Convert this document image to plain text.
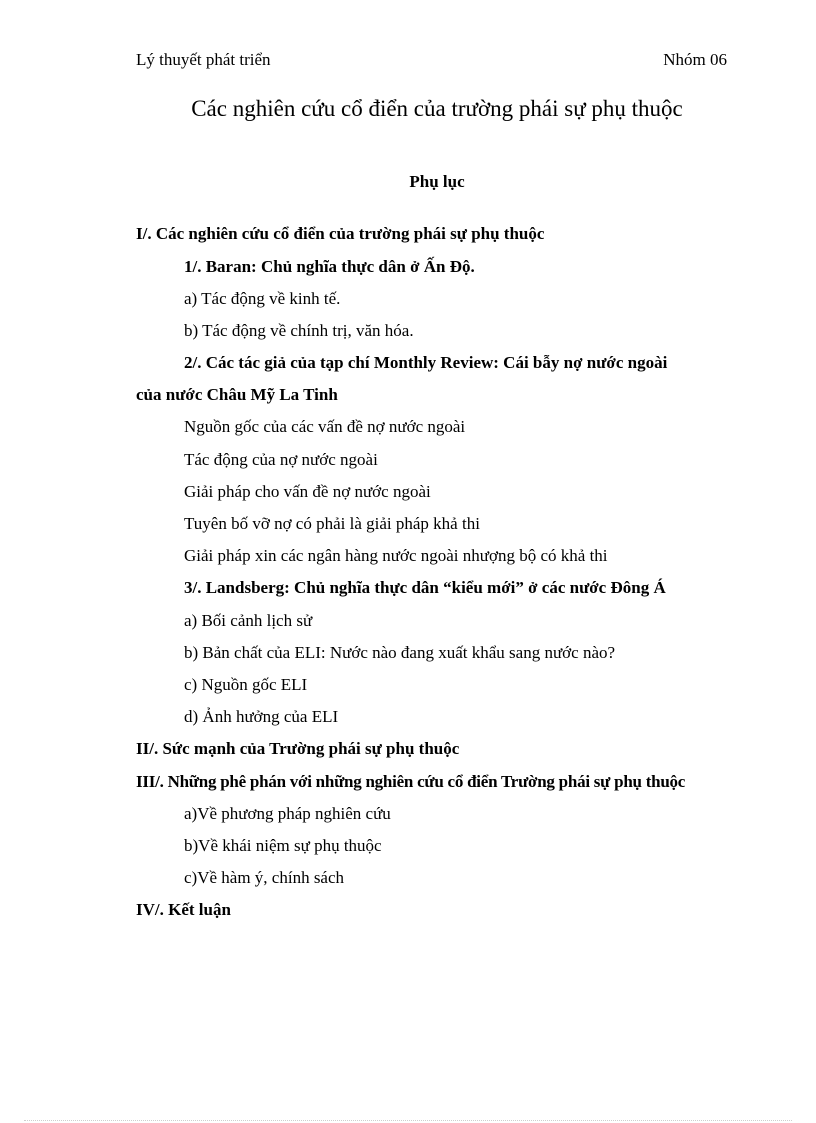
Lý thuyết phát triển	Nhóm 06
Các nghiên cứu cổ điển của trường phái sự phụ thuộc
Phụ lục
I/. Các nghiên cứu cổ điển của trường phái sự phụ thuộc
1/. Baran: Chủ nghĩa thực dân ở Ấn Độ.
a) Tác động về kinh tế.
b) Tác động về chính trị, văn hóa.
2/. Các tác giả của tạp chí Monthly Review: Cái bẫy nợ nước ngoài
của nước Châu Mỹ La Tinh
Nguồn gốc của các vấn đề nợ nước ngoài
Tác động của nợ nước ngoài
Giải pháp cho vấn đề nợ nước ngoài
Tuyên bố vỡ nợ có phải là giải pháp khả thi
Giải pháp xin các ngân hàng nước ngoài nhượng bộ có khả thi
3/. Landsberg: Chủ nghĩa thực dân “kiểu mới” ở các nước Đông Á
a) Bối cảnh lịch sử
b) Bản chất của ELI: Nước nào đang xuất khẩu sang nước nào?
c) Nguồn gốc ELI
d) Ảnh hưởng của ELI
II/. Sức mạnh của Trường phái sự phụ thuộc
III/. Những phê phán với những nghiên cứu cổ điển Trường phái sự phụ thuộc
a)Về phương pháp nghiên cứu
b)Về khái niệm sự phụ thuộc
c)Về hàm ý, chính sách
IV/. Kết luận
